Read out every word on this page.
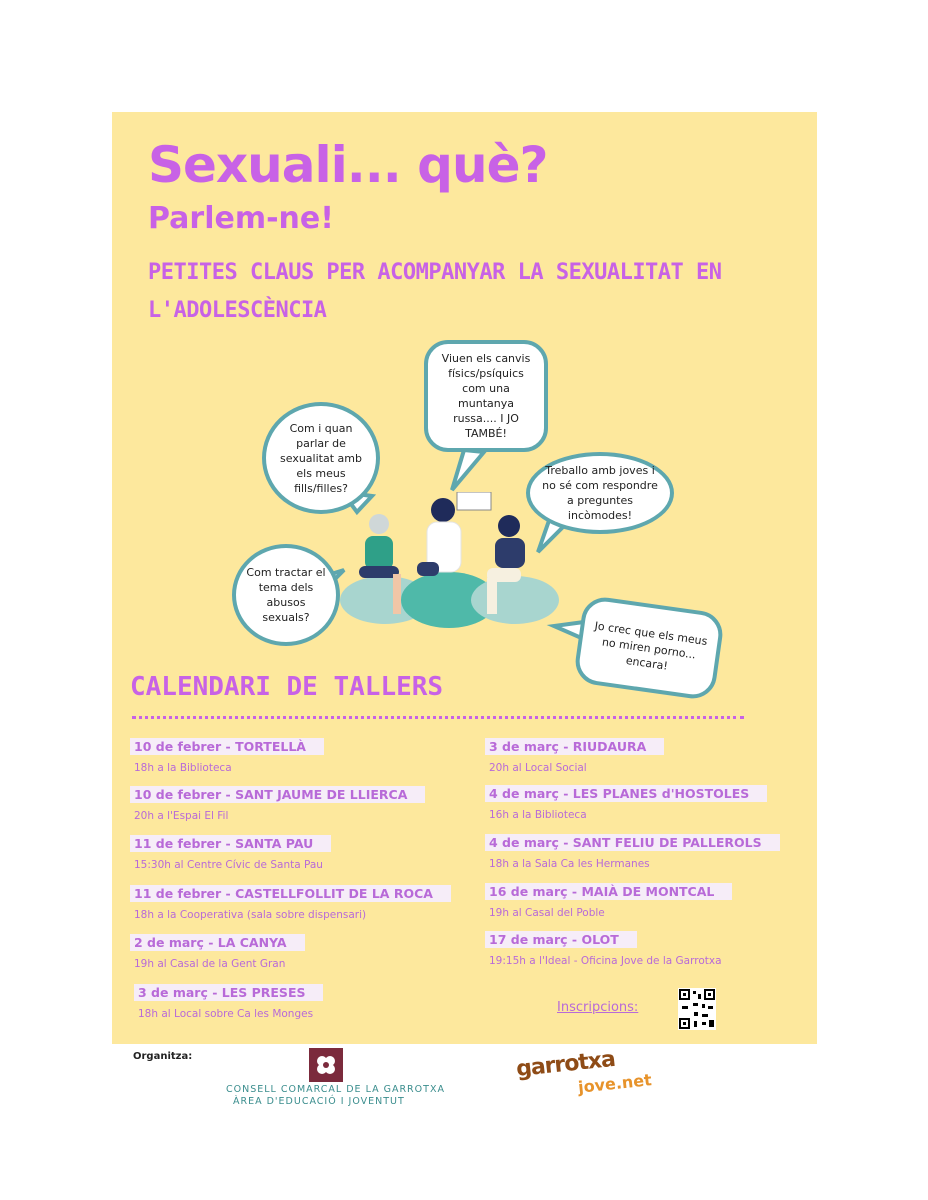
Sexuali... què?
Parlem-ne!

PETITES CLAUS PER ACOMPANYAR LA SEXUALITAT EN L'ADOLESCÈNCIA

Com i quan parlar de sexualitat amb els meus fills/filles?
Viuen els canvis físics/psíquics com una muntanya russa.... I JO TAMBÉ!
Treballo amb joves i no sé com respondre a preguntes incòmodes!
Com tractar el tema dels abusos sexuals?
Jo crec que els meus no miren porno... encara!
CALENDARI DE TALLERS
10 de febrer - TORTELLÀ
18h a la Biblioteca
10 de febrer - SANT JAUME DE LLIERCA
20h a l'Espai El Fil
11 de febrer - SANTA PAU
15:30h al Centre Cívic de Santa Pau
11 de febrer - CASTELLFOLLIT DE LA ROCA
18h a la Cooperativa (sala sobre dispensari)
2 de març - LA CANYA
19h al Casal de la Gent Gran
3 de març - LES PRESES
18h al Local sobre Ca les Monges
3 de març - RIUDAURA
20h al Local Social
4 de març - LES PLANES d'HOSTOLES
16h a la Biblioteca
4 de març - SANT FELIU DE PALLEROLS
18h a la Sala Ca les Hermanes
16 de març - MAIÀ DE MONTCAL
19h al Casal del Poble
17 de març - OLOT
19:15h a l'Ideal - Oficina Jove de la Garrotxa
Inscripcions:
Organitza:
CONSELL COMARCAL DE LA GARROTXA
ÀREA D'EDUCACIÓ I JOVENTUT
garrotxa
jove.net
